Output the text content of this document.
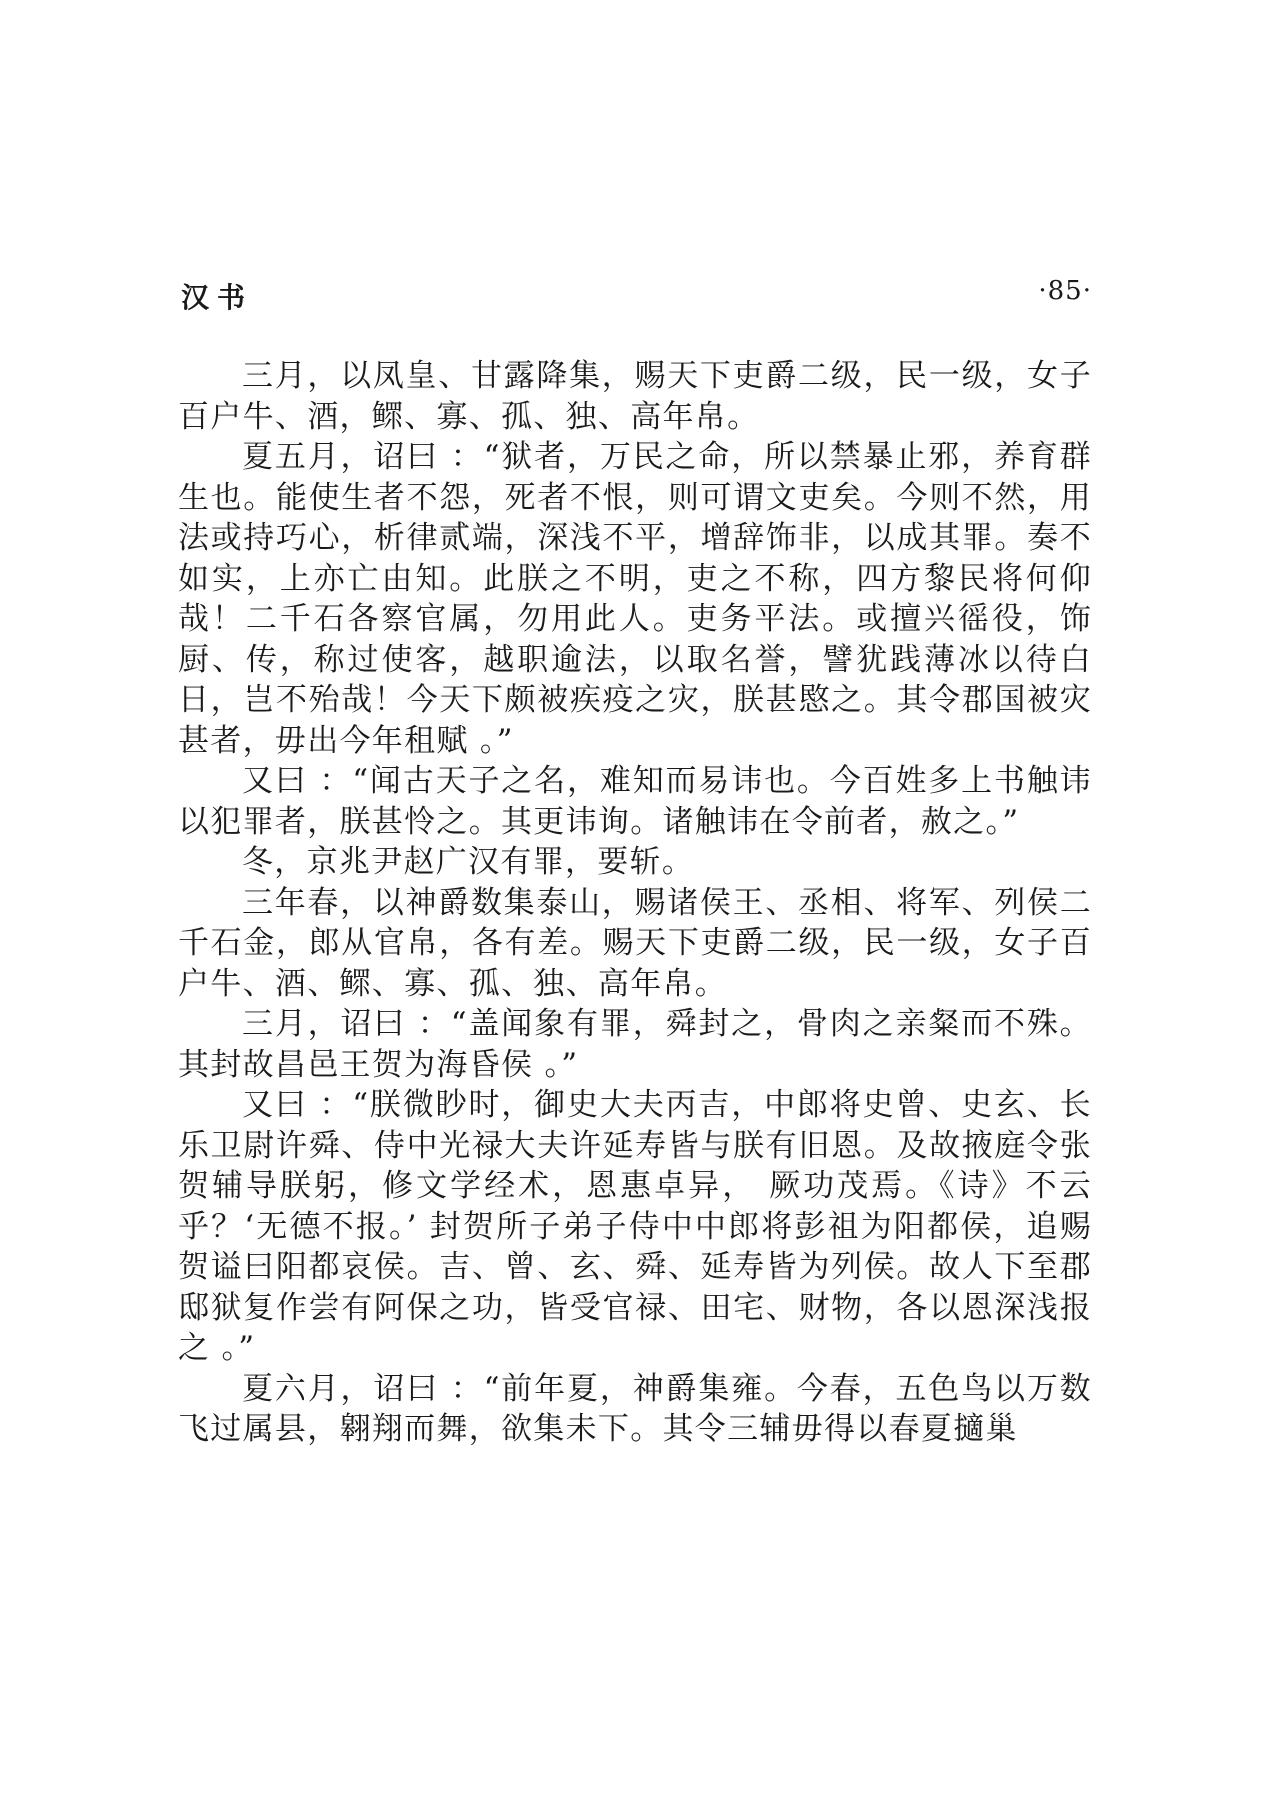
汉书	·85·

三月，以凤皇、甘露降集，赐天下吏爵二级，民一级，女子百户牛、酒，鳏、寡、孤、独、高年帛。

夏五月，诏曰 ：“狱者，万民之命，所以禁暴止邪，养育群生也。能使生者不怨，死者不恨，则可谓文吏矣。今则不然，用法或持巧心，析律贰端，深浅不平，增辞饰非，以成其罪。奏不如实，上亦亡由知。此朕之不明，吏之不称，四方黎民将何仰哉！二千石各察官属，勿用此人。吏务平法。或擅兴徭役，饰厨、传，称过使客，越职逾法，以取名誉，譬犹践薄冰以待白日，岂不殆哉！今天下颇被疾疫之灾，朕甚愍之。其令郡国被灾甚者，毋出今年租赋 。”

又曰 ：“闻古天子之名，难知而易讳也。今百姓多上书触讳以犯罪者，朕甚怜之。其更讳询。诸触讳在令前者，赦之。”

冬，京兆尹赵广汉有罪，要斩。

三年春，以神爵数集泰山，赐诸侯王、丞相、将军、列侯二千石金，郎从官帛，各有差。赐天下吏爵二级，民一级，女子百户牛、酒、鳏、寡、孤、独、高年帛。

三月，诏曰 ：“盖闻象有罪，舜封之，骨肉之亲粲而不殊。其封故昌邑王贺为海昏侯 。”

又曰 ：“朕微眇时，御史大夫丙吉，中郎将史曾、史玄、长乐卫尉许舜、侍中光禄大夫许延寿皆与朕有旧恩。及故掖庭令张贺辅导朕躬，修文学经术，恩惠卓异， 厥功茂焉。《诗》不云乎？‘无德不报。’ 封贺所子弟子侍中中郎将彭祖为阳都侯，追赐贺谥曰阳都哀侯。吉、曾、玄、舜、延寿皆为列侯。故人下至郡邸狱复作尝有阿保之功，皆受官禄、田宅、财物，各以恩深浅报之 。”

夏六月，诏曰 ：“前年夏，神爵集雍。今春，五色鸟以万数飞过属县，翱翔而舞，欲集未下。其令三辅毋得以春夏擿巢
